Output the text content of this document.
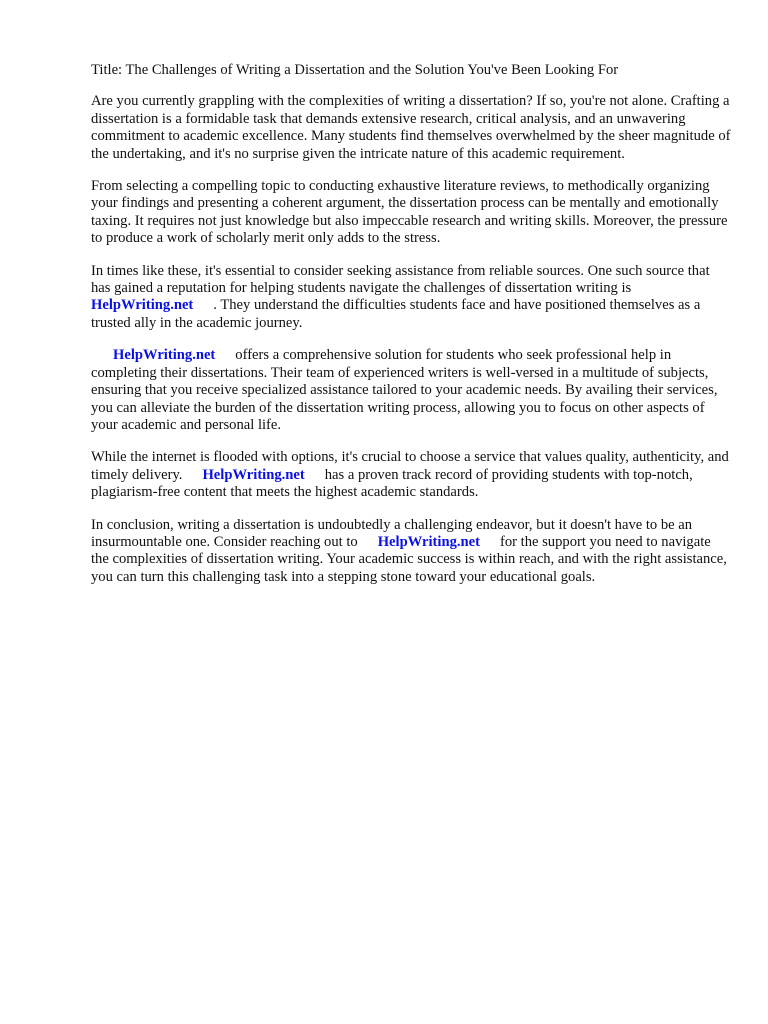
Title: The Challenges of Writing a Dissertation and the Solution You've Been Looking For

Are you currently grappling with the complexities of writing a dissertation? If so, you're not alone. Crafting a dissertation is a formidable task that demands extensive research, critical analysis, and an unwavering commitment to academic excellence. Many students find themselves overwhelmed by the sheer magnitude of the undertaking, and it's no surprise given the intricate nature of this academic requirement.

From selecting a compelling topic to conducting exhaustive literature reviews, to methodically organizing your findings and presenting a coherent argument, the dissertation process can be mentally and emotionally taxing. It requires not just knowledge but also impeccable research and writing skills. Moreover, the pressure to produce a work of scholarly merit only adds to the stress.

In times like these, it's essential to consider seeking assistance from reliable sources. One such source that has gained a reputation for helping students navigate the challenges of dissertation writing is
HelpWriting.net . They understand the difficulties students face and have positioned themselves as a trusted ally in the academic journey.

HelpWriting.net offers a comprehensive solution for students who seek professional help in completing their dissertations. Their team of experienced writers is well-versed in a multitude of subjects, ensuring that you receive specialized assistance tailored to your academic needs. By availing their services, you can alleviate the burden of the dissertation writing process, allowing you to focus on other aspects of your academic and personal life.

While the internet is flooded with options, it's crucial to choose a service that values quality, authenticity, and timely delivery. HelpWriting.net has a proven track record of providing students with top-notch, plagiarism-free content that meets the highest academic standards.

In conclusion, writing a dissertation is undoubtedly a challenging endeavor, but it doesn't have to be an insurmountable one. Consider reaching out to HelpWriting.net for the support you need to navigate the complexities of dissertation writing. Your academic success is within reach, and with the right assistance, you can turn this challenging task into a stepping stone toward your educational goals.
